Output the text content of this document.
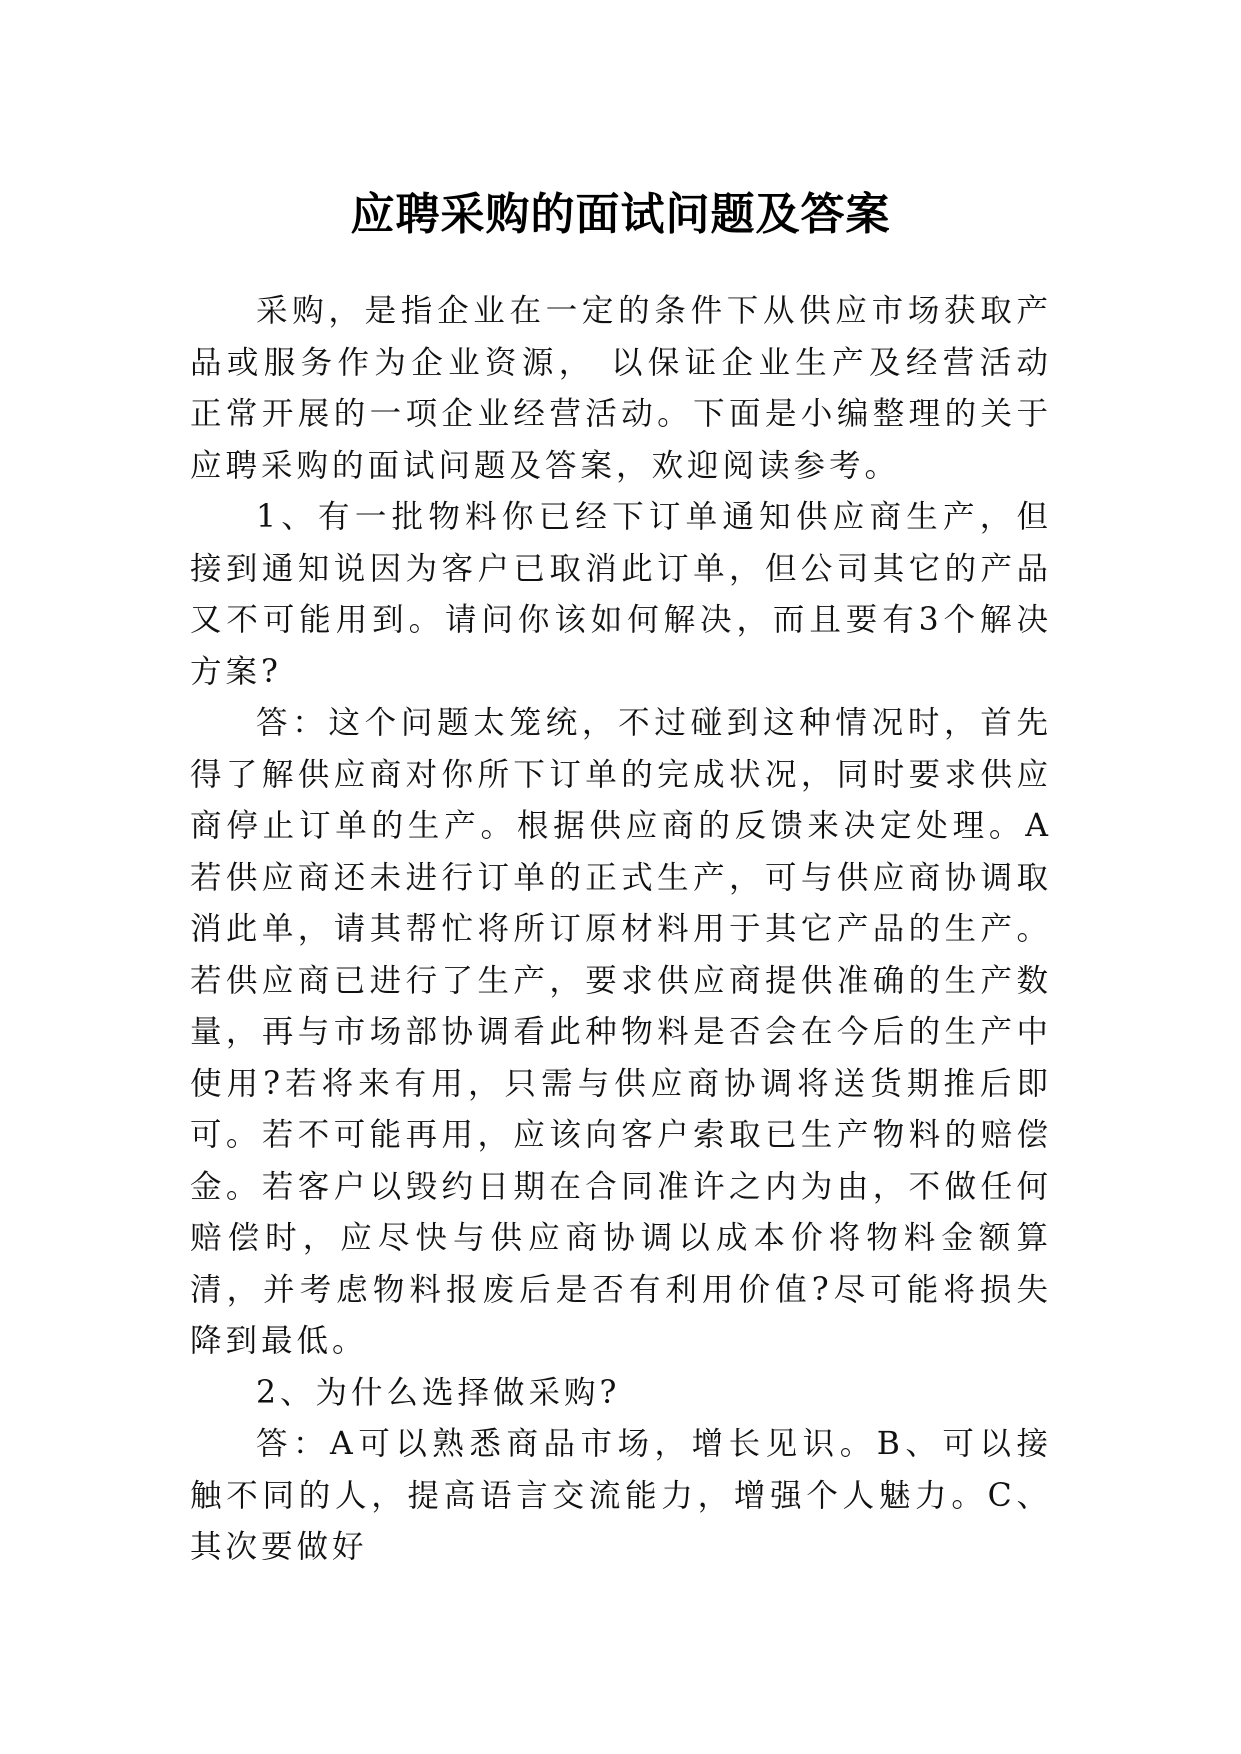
应聘采购的面试问题及答案

采购，是指企业在一定的条件下从供应市场获取产品或服务作为企业资源， 以保证企业生产及经营活动正常开展的一项企业经营活动。下面是小编整理的关于应聘采购的面试问题及答案，欢迎阅读参考。

1、有一批物料你已经下订单通知供应商生产，但接到通知说因为客户已取消此订单，但公司其它的产品又不可能用到。请问你该如何解决，而且要有3个解决方案?

答：这个问题太笼统，不过碰到这种情况时，首先得了解供应商对你所下订单的完成状况，同时要求供应商停止订单的生产。根据供应商的反馈来决定处理。A若供应商还未进行订单的正式生产，可与供应商协调取消此单，请其帮忙将所订原材料用于其它产品的生产。若供应商已进行了生产，要求供应商提供准确的生产数量，再与市场部协调看此种物料是否会在今后的生产中使用?若将来有用，只需与供应商协调将送货期推后即可。若不可能再用，应该向客户索取已生产物料的赔偿金。若客户以毁约日期在合同准许之内为由，不做任何赔偿时，应尽快与供应商协调以成本价将物料金额算清，并考虑物料报废后是否有利用价值?尽可能将损失降到最低。

2、为什么选择做采购?

答：A可以熟悉商品市场，增长见识。B、可以接触不同的人，提高语言交流能力，增强个人魅力。C、其次要做好
